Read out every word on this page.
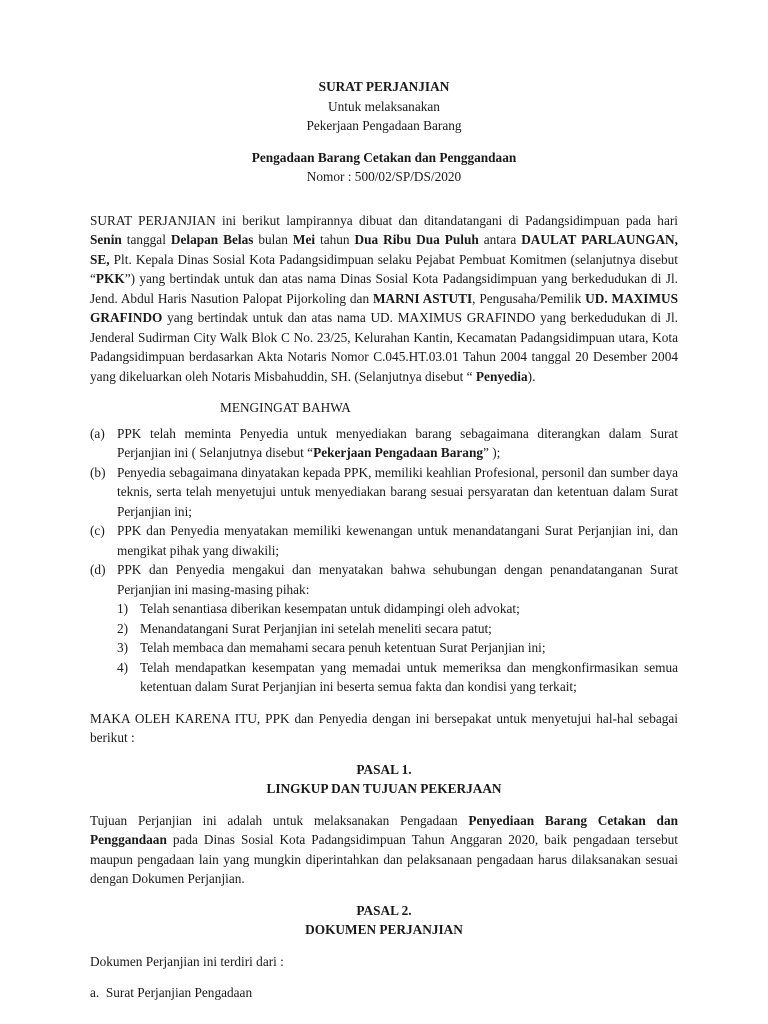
SURAT PERJANJIAN

Untuk melaksanakan

Pekerjaan Pengadaan Barang

Pengadaan Barang Cetakan dan Penggandaan

Nomor : 500/02/SP/DS/2020

SURAT PERJANJIAN ini berikut lampirannya dibuat dan ditandatangani di Padangsidimpuan pada hari Senin tanggal Delapan Belas bulan Mei tahun Dua Ribu Dua Puluh antara DAULAT PARLAUNGAN, SE, Plt. Kepala Dinas Sosial Kota Padangsidimpuan selaku Pejabat Pembuat Komitmen (selanjutnya disebut “PKK”) yang bertindak untuk dan atas nama Dinas Sosial Kota Padangsidimpuan yang berkedudukan di Jl. Jend. Abdul Haris Nasution Palopat Pijorkoling dan MARNI ASTUTI, Pengusaha/Pemilik UD. MAXIMUS GRAFINDO yang bertindak untuk dan atas nama UD. MAXIMUS GRAFINDO yang berkedudukan di Jl. Jenderal Sudirman City Walk Blok C No. 23/25, Kelurahan Kantin, Kecamatan Padangsidimpuan utara, Kota Padangsidimpuan berdasarkan Akta Notaris Nomor C.045.HT.03.01 Tahun 2004 tanggal 20 Desember 2004 yang dikeluarkan oleh Notaris Misbahuddin, SH. (Selanjutnya disebut “ Penyedia).

MENGINGAT BAHWA

(a) PPK telah meminta Penyedia untuk menyediakan barang sebagaimana diterangkan dalam Surat Perjanjian ini ( Selanjutnya disebut “Pekerjaan Pengadaan Barang” );
(b) Penyedia sebagaimana dinyatakan kepada PPK, memiliki keahlian Profesional, personil dan sumber daya teknis, serta telah menyetujui untuk menyediakan barang sesuai persyaratan dan ketentuan dalam Surat Perjanjian ini;
(c) PPK dan Penyedia menyatakan memiliki kewenangan untuk menandatangani Surat Perjanjian ini, dan mengikat pihak yang diwakili;
(d) PPK dan Penyedia mengakui dan menyatakan bahwa sehubungan dengan penandatanganan Surat Perjanjian ini masing-masing pihak:
1) Telah senantiasa diberikan kesempatan untuk didampingi oleh advokat;
2) Menandatangani Surat Perjanjian ini setelah meneliti secara patut;
3) Telah membaca dan memahami secara penuh ketentuan Surat Perjanjian ini;
4) Telah mendapatkan kesempatan yang memadai untuk memeriksa dan mengkonfirmasikan semua ketentuan dalam Surat Perjanjian ini beserta semua fakta dan kondisi yang terkait;

MAKA OLEH KARENA ITU, PPK dan Penyedia dengan ini bersepakat untuk menyetujui hal-hal sebagai berikut :

PASAL 1.

LINGKUP DAN TUJUAN PEKERJAAN

Tujuan Perjanjian ini adalah untuk melaksanakan Pengadaan Penyediaan Barang Cetakan dan Penggandaan pada Dinas Sosial Kota Padangsidimpuan Tahun Anggaran 2020, baik pengadaan tersebut maupun pengadaan lain yang mungkin diperintahkan dan pelaksanaan pengadaan harus dilaksanakan sesuai dengan Dokumen Perjanjian.

PASAL 2.

DOKUMEN PERJANJIAN

Dokumen Perjanjian ini terdiri dari :

a. Surat Perjanjian Pengadaan
